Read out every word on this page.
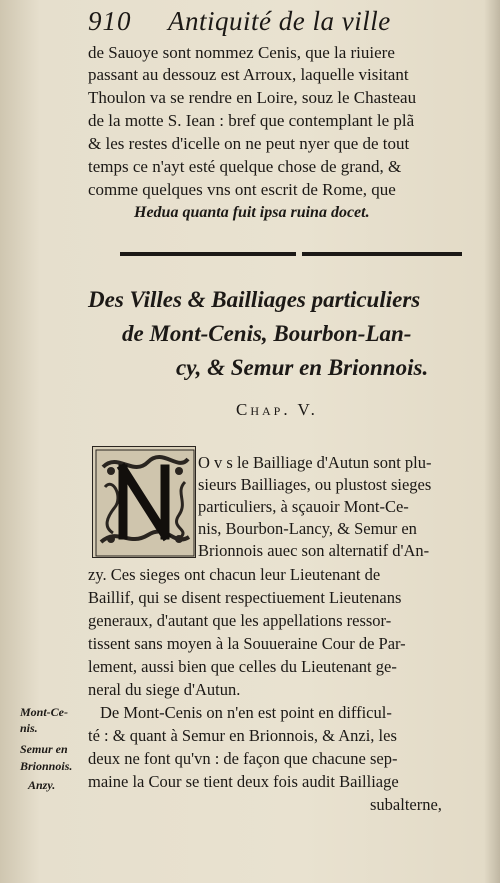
910 Antiquité de la ville
de Sauoye sont nommez Cenis, que la riuiere
passant au dessouz est Arroux, laquelle visitant
Thoulon va se rendre en Loire, souz le Chasteau
de la motte S. Iean : bref que contemplant le plã
& les restes d'icelle on ne peut nyer que de tout
temps ce n'ayt esté quelque chose de grand, &
comme quelques vns ont escrit de Rome, que
Hedua quanta fuit ipsa ruina docet.
Des Villes & Bailliages particuliers
de Mont-Cenis, Bourbon-Lan-
cy, & Semur en Brionnois.
Chap. V.
O v s le Bailliage d'Autun sont plu-
sieurs Bailliages, ou plustost sieges
particuliers, à sçauoir Mont-Ce-
nis, Bourbon-Lancy, & Semur en
Brionnois auec son alternatif d'An-
zy. Ces sieges ont chacun leur Lieutenant de
Baillif, qui se disent respectiuement Lieutenans
generaux, d'autant que les appellations ressor-
tissent sans moyen à la Souueraine Cour de Par-
lement, aussi bien que celles du Lieutenant ge-
neral du siege d'Autun.
De Mont-Cenis on n'en est point en difficul-
té : & quant à Semur en Brionnois, & Anzi, les
deux ne font qu'vn : de façon que chacune sep-
maine la Cour se tient deux fois audit Bailliage
subalterne,
Mont-Ce-
nis.
Semur en
Brionnois.
Anzy.
